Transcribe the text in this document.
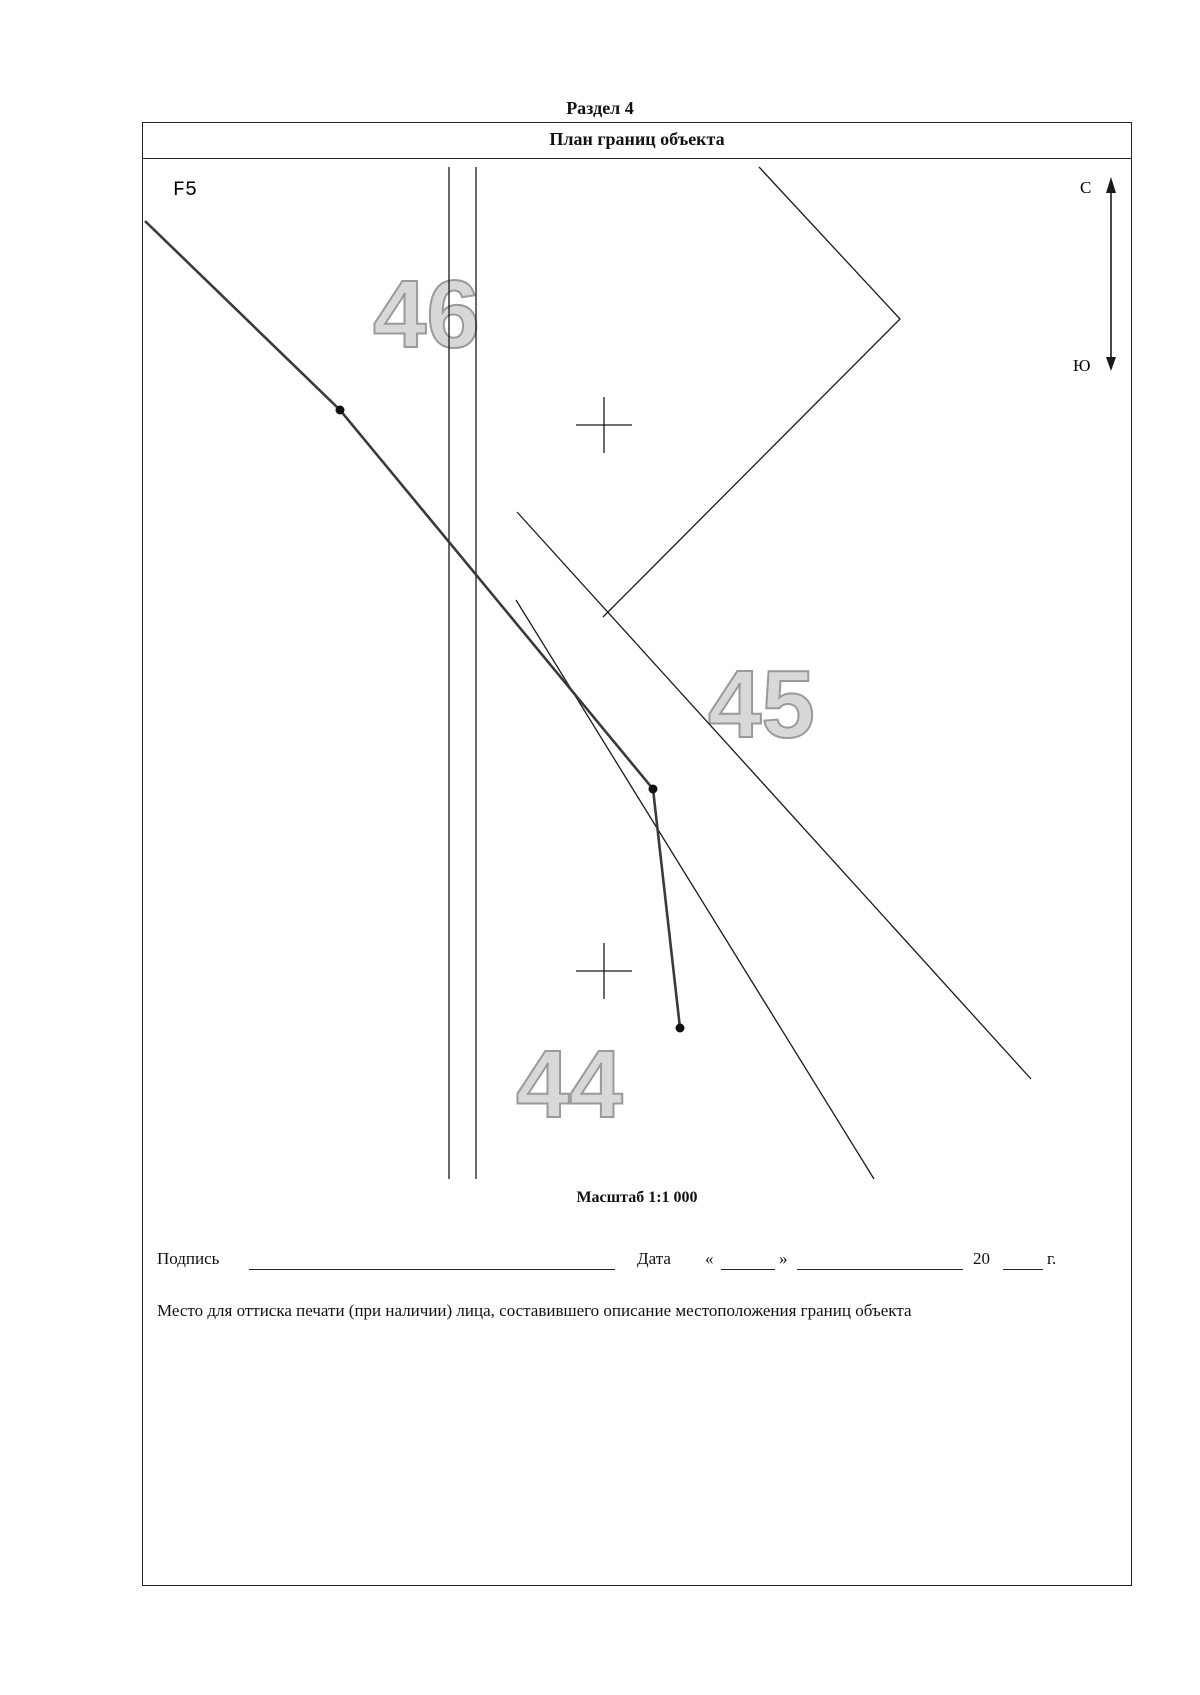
Раздел 4
План границ объекта
46
45
44
F5	С
Ю
Масштаб 1:1 000
Подпись	Дата «	»	20	г.
Место для оттиска печати (при наличии) лица, составившего описание местоположения границ объекта
